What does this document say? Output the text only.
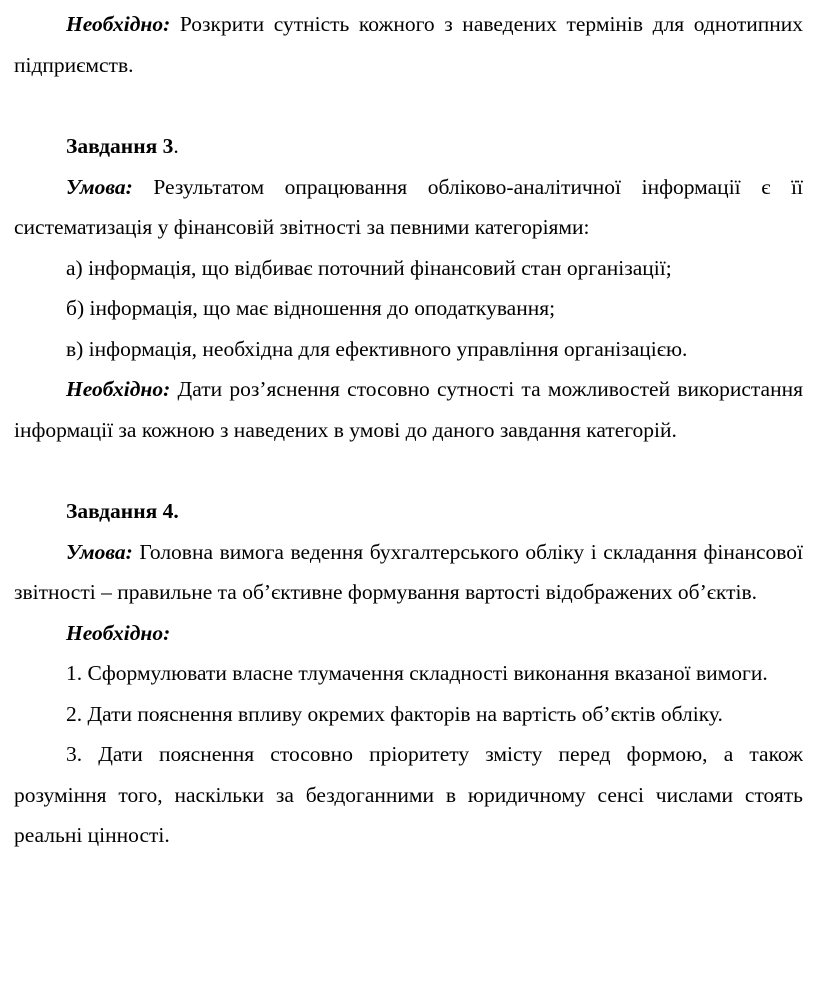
Необхідно: Розкрити сутність кожного з наведених термінів для однотипних підприємств.

Завдання 3.

Умова: Результатом опрацювання обліково-аналітичної інформації є її систематизація у фінансовій звітності за певними категоріями:

а) інформація, що відбиває поточний фінансовий стан організації;

б) інформація, що має відношення до оподаткування;

в) інформація, необхідна для ефективного управління організацією.

Необхідно: Дати роз’яснення стосовно сутності та можливостей використання інформації за кожною з наведених в умові до даного завдання категорій.

Завдання 4.

Умова: Головна вимога ведення бухгалтерського обліку і складання фінансової звітності – правильне та об’єктивне формування вартості відображених об’єктів.

Необхідно:

1. Сформулювати власне тлумачення складності виконання вказаної вимоги.

2. Дати пояснення впливу окремих факторів на вартість об’єктів обліку.

3. Дати пояснення стосовно пріоритету змісту перед формою, а також розуміння того, наскільки за бездоганними в юридичному сенсі числами стоять реальні цінності.
